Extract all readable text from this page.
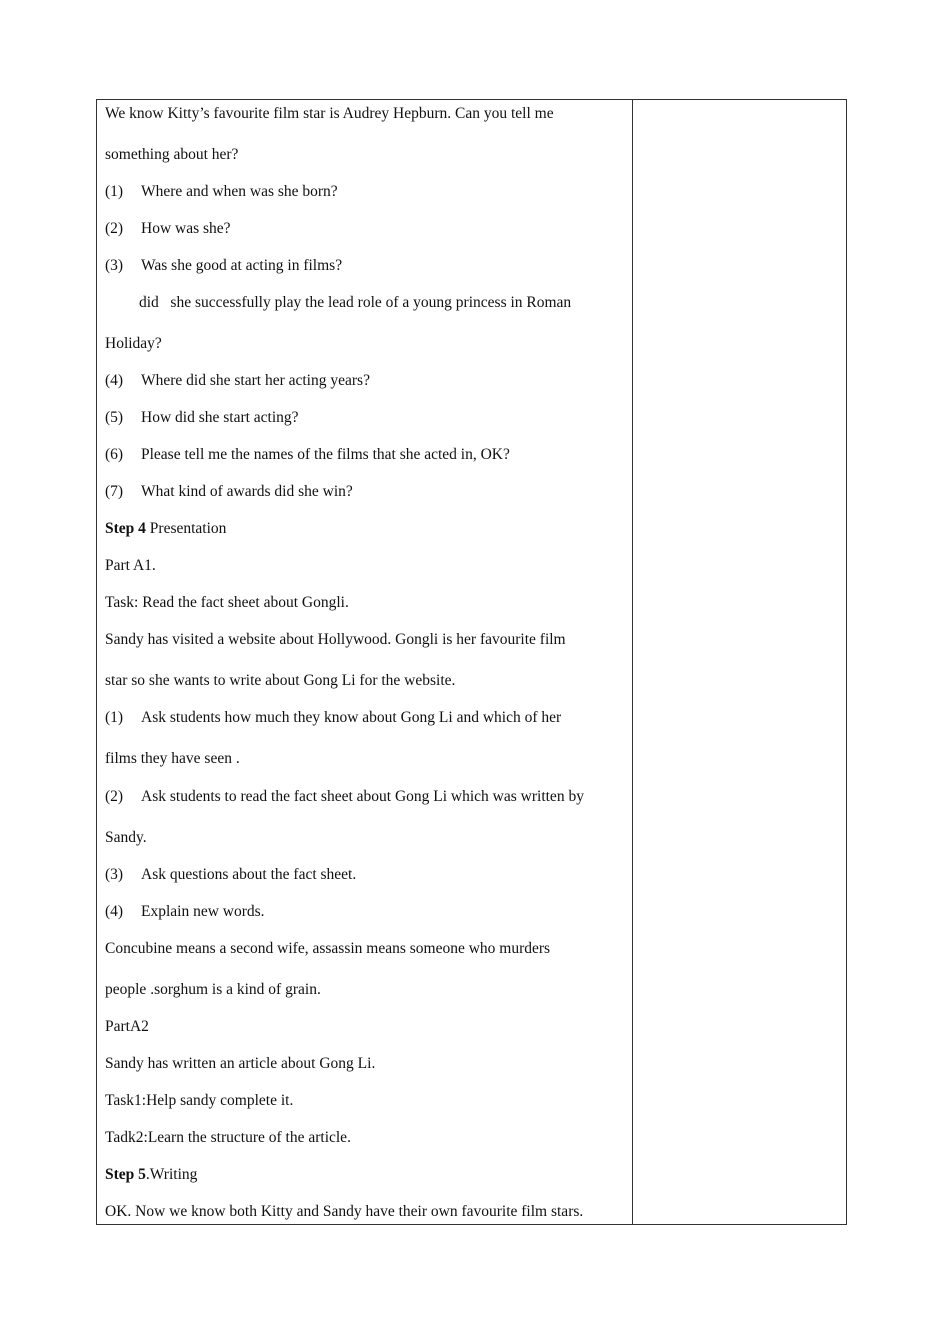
We know Kitty’s favourite film star is Audrey Hepburn. Can you tell me
something about her?
(1) Where and when was she born?
(2) How was she?
(3) Was she good at acting in films?
did   she successfully play the lead role of a young princess in Roman
Holiday?
(4) Where did she start her acting years?
(5) How did she start acting?
(6) Please tell me the names of the films that she acted in, OK?
(7) What kind of awards did she win?
Step 4 Presentation
Part A1.
Task: Read the fact sheet about Gongli.
Sandy has visited a website about Hollywood. Gongli is her favourite film
star so she wants to write about Gong Li for the website.
(1) Ask students how much they know about Gong Li and which of her
films they have seen .
(2) Ask students to read the fact sheet about Gong Li which was written by
Sandy.
(3) Ask questions about the fact sheet.
(4) Explain new words.
Concubine means a second wife, assassin means someone who murders
people .sorghum is a kind of grain.
PartA2
Sandy has written an article about Gong Li.
Task1:Help sandy complete it.
Tadk2:Learn the structure of the article.
Step 5.Writing
OK. Now we know both Kitty and Sandy have their own favourite film stars.
